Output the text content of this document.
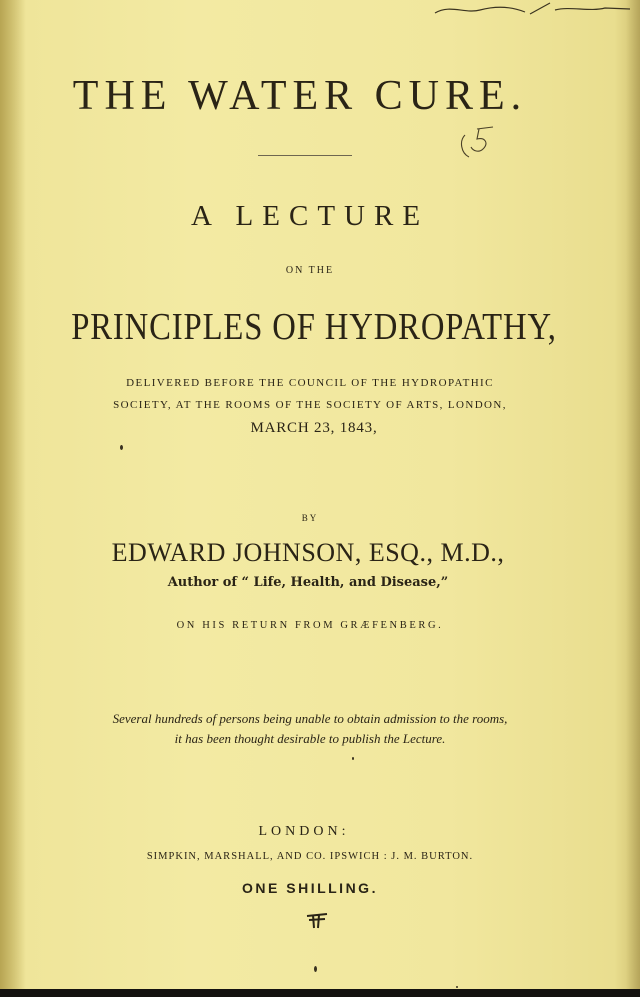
THE WATER CURE.
A LECTURE
ON THE
PRINCIPLES OF HYDROPATHY,
DELIVERED BEFORE THE COUNCIL OF THE HYDROPATHIC
SOCIETY, AT THE ROOMS OF THE SOCIETY OF ARTS, LONDON,
MARCH 23, 1843,
BY
EDWARD JOHNSON, ESQ., M.D.,
Author of “ Life, Health, and Disease,”
ON HIS RETURN FROM GRÆFENBERG.
Several hundreds of persons being unable to obtain admission to the rooms,
it has been thought desirable to publish the Lecture.
LONDON:
SIMPKIN, MARSHALL, AND CO. IPSWICH : J. M. BURTON.
ONE SHILLING.
